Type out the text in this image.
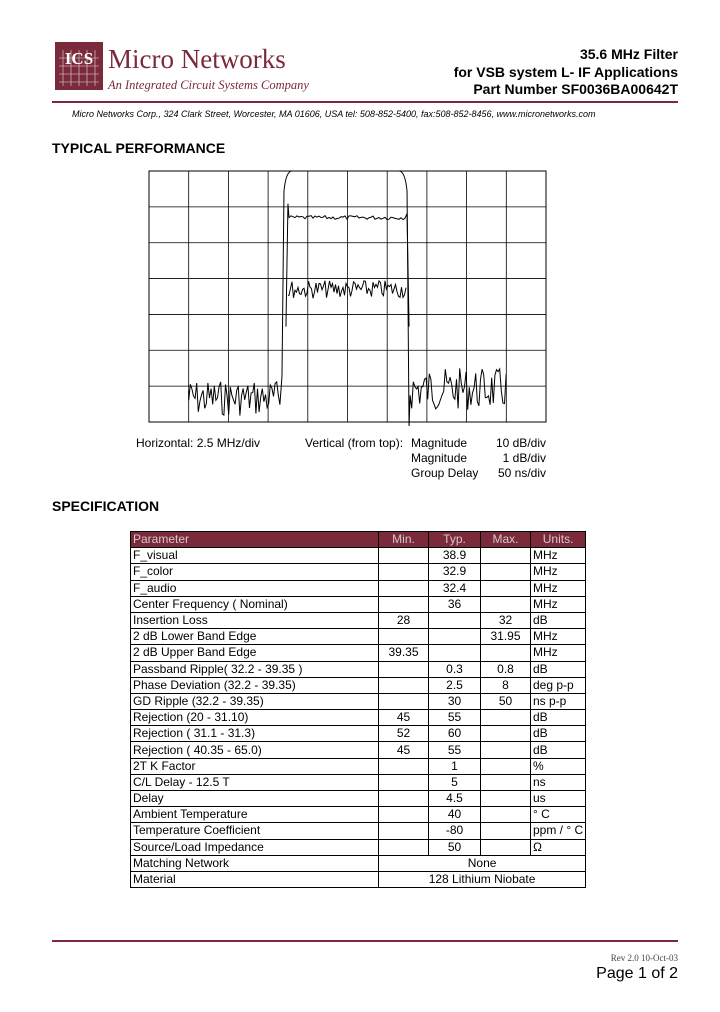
ICS Micro Networks
An Integrated Circuit Systems Company
35.6 MHz Filter
for VSB system L- IF Applications
Part Number SF0036BA00642T
Micro Networks Corp., 324 Clark Street, Worcester, MA 01606, USA tel: 508-852-5400, fax:508-852-8456, www.micronetworks.com
TYPICAL PERFORMANCE
Horizontal: 2.5 MHz/div	Vertical (from top): Magnitude
Magnitude
Group Delay
10 dB/div
1 dB/div
50 ns/div
SPECIFICATION
Parameter	Min.	Typ.	Max.	Units.
F_visual		38.9		MHz
F_color		32.9		MHz
F_audio		32.4		MHz
Center Frequency ( Nominal)		36		MHz
Insertion Loss	28		32	dB
2 dB Lower Band Edge			31.95	MHz
2 dB Upper Band Edge	39.35			MHz
Passband Ripple( 32.2 - 39.35 )		0.3	0.8	dB
Phase Deviation (32.2 - 39.35)		2.5	8	deg p-p
GD Ripple (32.2 - 39.35)		30	50	ns p-p
Rejection (20 - 31.10)	45	55		dB
Rejection ( 31.1 - 31.3)	52	60		dB
Rejection ( 40.35 - 65.0)	45	55		dB
2T K Factor		1		%
C/L Delay - 12.5 T		5		ns
Delay		4.5		us
Ambient Temperature		40		° C
Temperature Coefficient		-80		ppm / ° C
Source/Load Impedance		50		Ω
Matching Network	None			
Material	128 Lithium Niobate			
Rev 2.0 10-Oct-03
Page 1 of 2
